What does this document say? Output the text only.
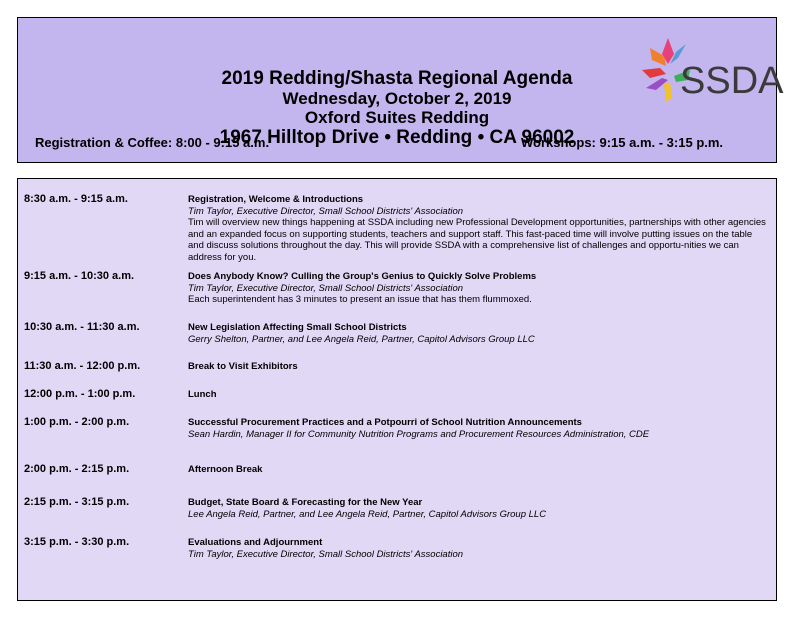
SSDA
2019 Redding/Shasta Regional Agenda
Wednesday, October 2, 2019
Oxford Suites Redding
1967 Hilltop Drive • Redding • CA 96002
Registration & Coffee: 8:00 - 9:15 a.m.	Workshops: 9:15 a.m. - 3:15 p.m.
8:30 a.m. - 9:15 a.m.	Registration, Welcome & Introductions
Tim Taylor, Executive Director, Small School Districts' Association
Tim will overview new things happening at SSDA including new Professional Development opportunities, partnerships with other agencies and an expanded focus on supporting students, teachers and support staff. This fast-paced time will involve putting issues on the table and discuss solutions throughout the day. This will provide SSDA with a comprehensive list of challenges and opportu-nities we can address for you.
9:15 a.m. - 10:30 a.m.	Does Anybody Know? Culling the Group's Genius to Quickly Solve Problems
Tim Taylor, Executive Director, Small School Districts' Association
Each superintendent has 3 minutes to present an issue that has them flummoxed.
10:30 a.m. - 11:30 a.m.	New Legislation Affecting Small School Districts
Gerry Shelton, Partner, and Lee Angela Reid, Partner, Capitol Advisors Group LLC
11:30 a.m. - 12:00 p.m.	Break to Visit Exhibitors
12:00 p.m. - 1:00 p.m.	Lunch
1:00 p.m. - 2:00 p.m.	Successful Procurement Practices and a Potpourri of School Nutrition Announcements
Sean Hardin, Manager II for Community Nutrition Programs and Procurement Resources Administration, CDE
2:00 p.m. - 2:15 p.m.	Afternoon Break
2:15 p.m. - 3:15 p.m.	Budget, State Board & Forecasting for the New Year
Lee Angela Reid, Partner, and Lee Angela Reid, Partner, Capitol Advisors Group LLC
3:15 p.m. - 3:30 p.m.	Evaluations and Adjournment
Tim Taylor, Executive Director, Small School Districts' Association
